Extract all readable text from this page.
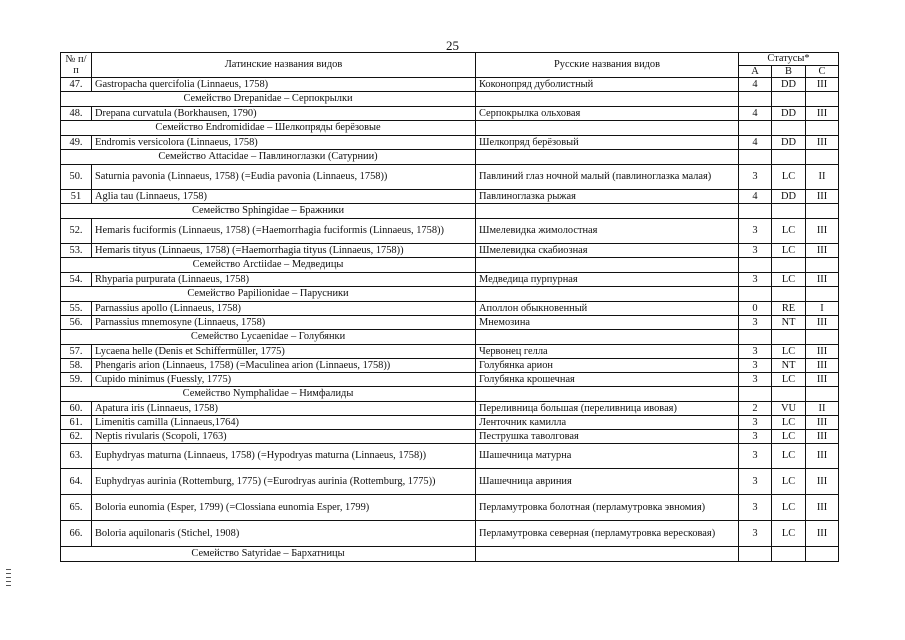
25
№ п/п	Латинские названия видов	Русские названия видов	Статусы*		
			А	В	С
47.	Gastropacha quercifolia (Linnaeus, 1758)	Коконопряд дуболистный	4	DD	III
Семейство Drepanidae – Серпокрылки					
48.	Drepana curvatula (Borkhausen, 1790)	Серпокрылка ольховая	4	DD	III
Семейство Endromididae – Шелкопряды берёзовые					
49.	Endromis versicolora (Linnaeus, 1758)	Шелкопряд берёзовый	4	DD	III
Семейство Attacidae – Павлиноглазки (Сатурнии)					
50.	Saturnia pavonia (Linnaeus, 1758) (=Eudia pavonia (Linnaeus, 1758))	Павлиний глаз ночной малый (павлиноглазка малая)	3	LC	II
51	Aglia tau (Linnaeus, 1758)	Павлиноглазка рыжая	4	DD	III
Семейство Sphingidae – Бражники					
52.	Hemaris fuciformis (Linnaeus, 1758) (=Haemorrhagia fuciformis (Linnaeus, 1758))	Шмелевидка жимолостная	3	LC	III
53.	Hemaris tityus (Linnaeus, 1758) (=Haemorrhagia tityus (Linnaeus, 1758))	Шмелевидка скабиозная	3	LC	III
Семейство Arctiidae – Медведицы					
54.	Rhyparia purpurata (Linnaeus, 1758)	Медведица пурпурная	3	LC	III
Семейство Papilionidae – Парусники					
55.	Parnassius apollo (Linnaeus, 1758)	Аполлон обыкновенный	0	RE	I
56.	Parnassius mnemosyne (Linnaeus, 1758)	Мнемозина	3	NT	III
Семейство Lycaenidae – Голубянки					
57.	Lycaena helle (Denis et Schiffermüller, 1775)	Червонец гелла	3	LC	III
58.	Phengaris arion (Linnaeus, 1758) (=Maculinea arion (Linnaeus, 1758))	Голубянка арион	3	NT	III
59.	Cupido minimus (Fuessly, 1775)	Голубянка крошечная	3	LC	III
Семейство Nymphalidae – Нимфалиды					
60.	Apatura iris (Linnaeus, 1758)	Переливница большая (переливница ивовая)	2	VU	II
61.	Limenitis camilla (Linnaeus,1764)	Ленточник камилла	3	LC	III
62.	Neptis rivularis (Scopoli, 1763)	Пеструшка таволговая	3	LC	III
63.	Euphydryas maturna (Linnaeus, 1758) (=Hypodryas maturna (Linnaeus, 1758))	Шашечница матурна	3	LC	III
64.	Euphydryas aurinia (Rottemburg, 1775) (=Eurodryas aurinia (Rottemburg, 1775))	Шашечница авриния	3	LC	III
65.	Boloria eunomia (Esper, 1799) (=Clossiana eunomia Esper, 1799)	Перламутровка болотная (перламутровка эвномия)	3	LC	III
66.	Boloria aquilonaris (Stichel, 1908)	Перламутровка северная (перламутровка вересковая)	3	LC	III
Семейство Satyridae – Бархатницы					
